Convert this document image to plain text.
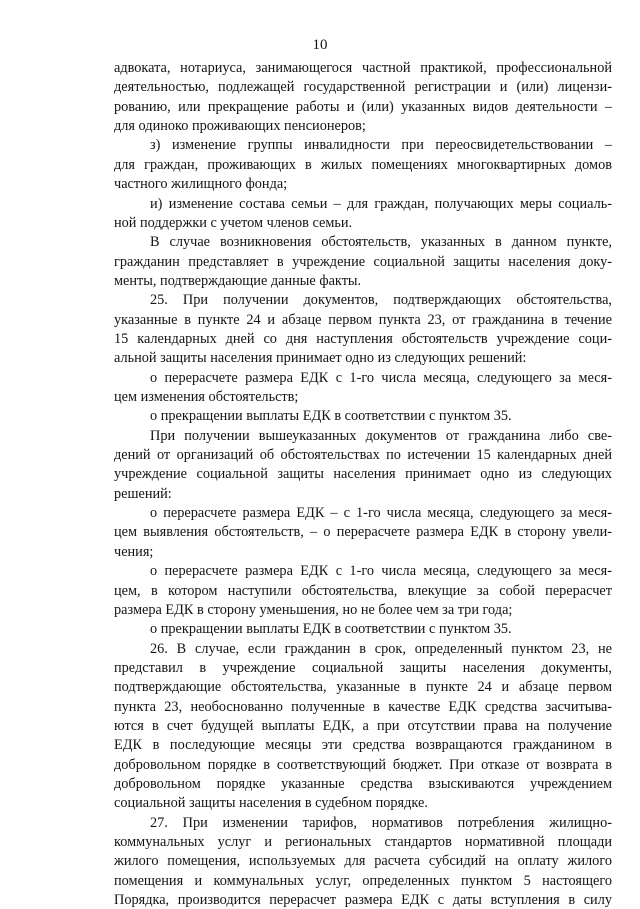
10
адвоката, нотариуса, занимающегося частной практикой, профессиональной
деятельностью, подлежащей государственной регистрации и (или) лицензи-
рованию, или прекращение работы и (или) указанных видов деятельности –
для одиноко проживающих пенсионеров;
з) изменение группы инвалидности при переосвидетельствовании –
для граждан, проживающих в жилых помещениях многоквартирных домов
частного жилищного фонда;
и) изменение состава семьи – для граждан, получающих меры социаль-
ной поддержки с учетом членов семьи.
В случае возникновения обстоятельств, указанных в данном пункте,
гражданин представляет в учреждение социальной защиты населения доку-
менты, подтверждающие данные факты.
25. При получении документов, подтверждающих обстоятельства,
указанные в пункте 24 и абзаце первом пункта 23, от гражданина в течение
15 календарных дней со дня наступления обстоятельств учреждение соци-
альной защиты населения принимает одно из следующих решений:
о перерасчете размера ЕДК с 1-го числа месяца, следующего за меся-
цем изменения обстоятельств;
о прекращении выплаты ЕДК в соответствии с пунктом 35.
При получении вышеуказанных документов от гражданина либо све-
дений от организаций об обстоятельствах по истечении 15 календарных дней
учреждение социальной защиты населения принимает одно из следующих
решений:
о перерасчете размера ЕДК – с 1-го числа месяца, следующего за меся-
цем выявления обстоятельств, – о перерасчете размера ЕДК в сторону увели-
чения;
о перерасчете размера ЕДК с 1-го числа месяца, следующего за меся-
цем, в котором наступили обстоятельства, влекущие за собой перерасчет
размера ЕДК в сторону уменьшения, но не более чем за три года;
о прекращении выплаты ЕДК в соответствии с пунктом 35.
26. В случае, если гражданин в срок, определенный пунктом 23, не
представил в учреждение социальной защиты населения документы,
подтверждающие обстоятельства, указанные в пункте 24 и абзаце первом
пункта 23, необоснованно полученные в качестве ЕДК средства засчитыва-
ются в счет будущей выплаты ЕДК, а при отсутствии права на получение
ЕДК в последующие месяцы эти средства возвращаются гражданином в
добровольном порядке в соответствующий бюджет. При отказе от возврата в
добровольном порядке указанные средства взыскиваются учреждением
социальной защиты населения в судебном порядке.
27. При изменении тарифов, нормативов потребления жилищно-
коммунальных услуг и региональных стандартов нормативной площади
жилого помещения, используемых для расчета субсидий на оплату жилого
помещения и коммунальных услуг, определенных пунктом 5 настоящего
Порядка, производится перерасчет размера ЕДК с даты вступления в силу
